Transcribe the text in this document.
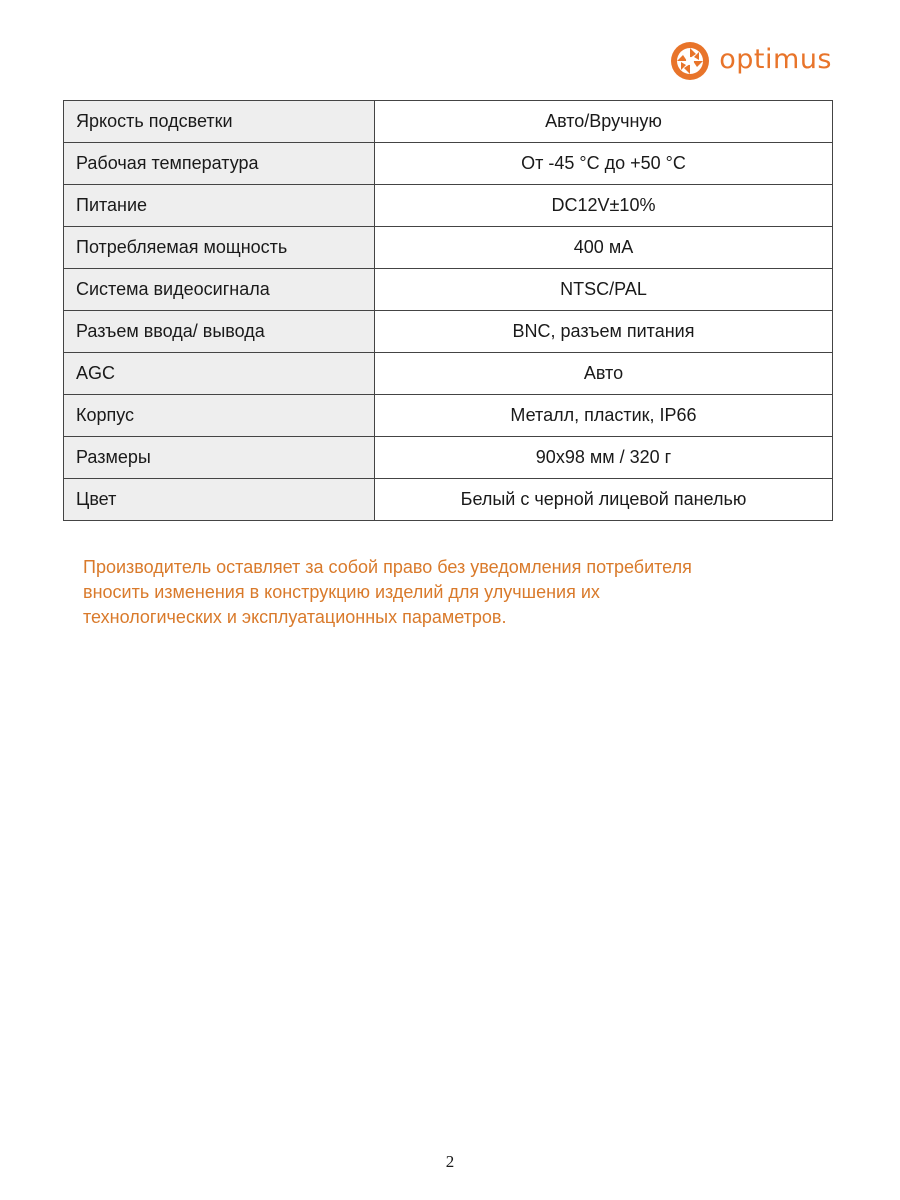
optimus
Яркость подсветки	Авто/Вручную
Рабочая температура	От -45 °С до +50 °С
Питание	DC12V±10%
Потребляемая мощность	400 мА
Система видеосигнала	NTSC/PAL
Разъем ввода/ вывода	BNC, разъем питания
AGC	Авто
Корпус	Металл, пластик, IP66
Размеры	90x98 мм / 320 г
Цвет	Белый с черной лицевой панелью
Производитель оставляет за собой право без уведомления потребителя
вносить изменения в конструкцию изделий для улучшения их
технологических и эксплуатационных параметров.
2
